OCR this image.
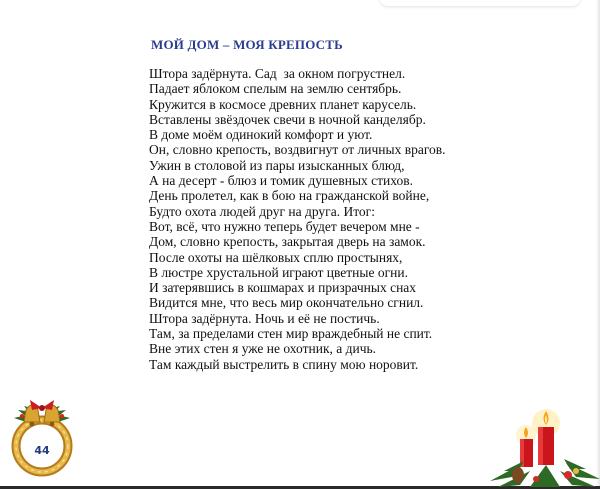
МОЙ ДОМ – МОЯ КРЕПОСТЬ
Штора задёрнута. Сад  за окном погрустнел.
Падает яблоком спелым на землю сентябрь.
Кружится в космосе древних планет карусель.
Вставлены звёздочек свечи в ночной канделябр.
В доме моём одинокий комфорт и уют.
Он, словно крепость, воздвигнут от личных врагов.
Ужин в столовой из пары изысканных блюд,
А на десерт - блюз и томик душевных стихов.
День пролетел, как в бою на гражданской войне,
Будто охота людей друг на друга. Итог:
Вот, всё, что нужно теперь будет вечером мне -
Дом, словно крепость, закрытая дверь на замок.
После охоты на шёлковых сплю простынях,
В люстре хрустальной играют цветные огни.
И затерявшись в кошмарах и призрачных снах
Видится мне, что весь мир окончательно сгнил.
Штора задёрнута. Ночь и её не постичь.
Там, за пределами стен мир враждебный не спит.
Вне этих стен я уже не охотник, а дичь.
Там каждый выстрелить в спину мою норовит.
44
